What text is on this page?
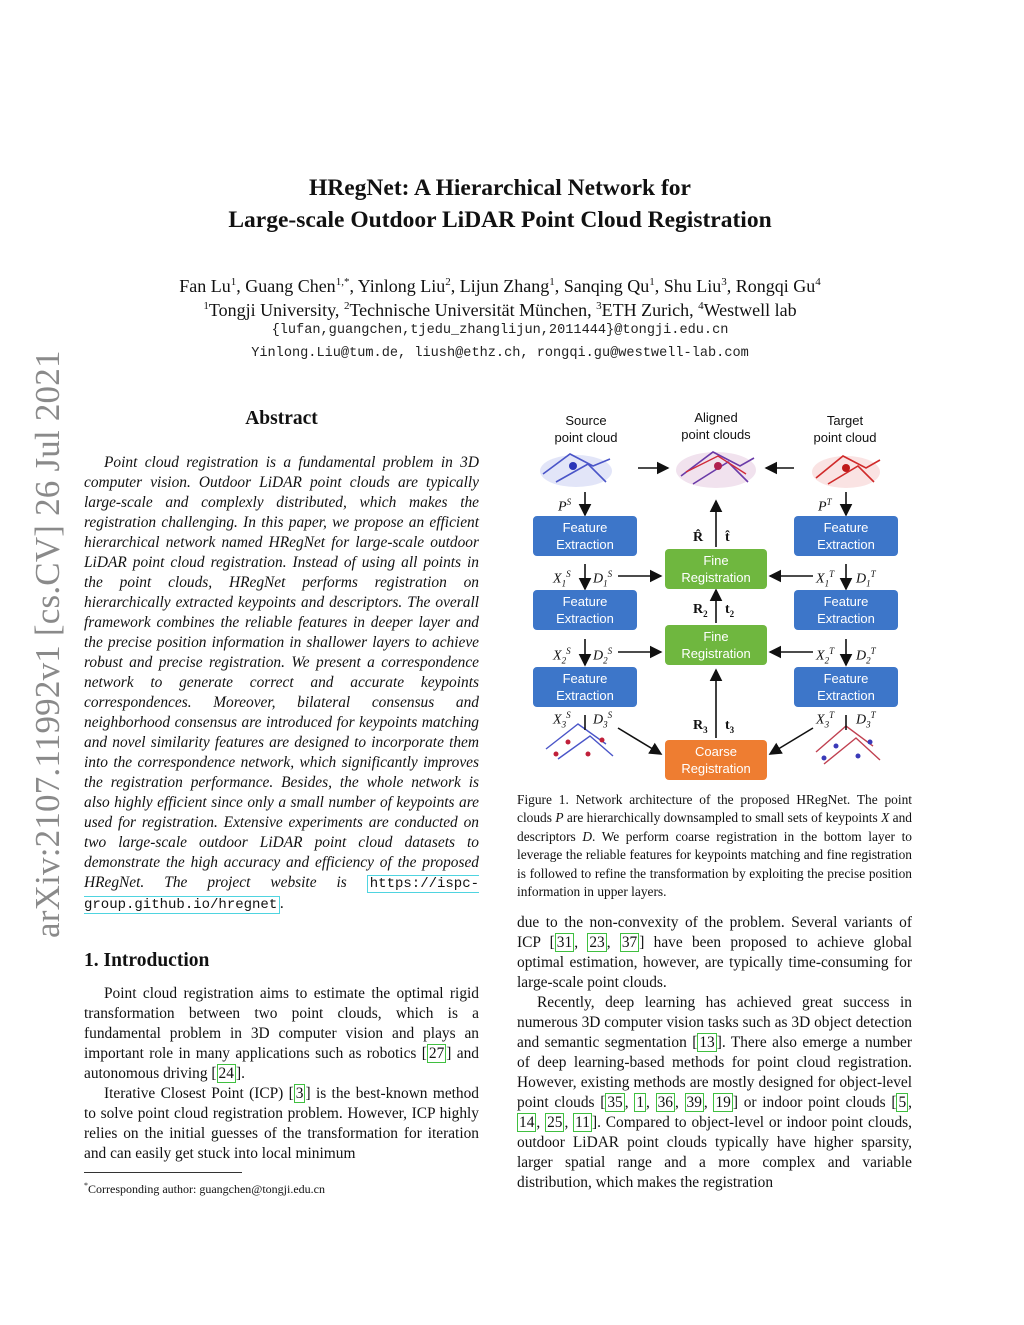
HRegNet: A Hierarchical Network for
Large-scale Outdoor LiDAR Point Cloud Registration
Fan Lu$^1$, Guang Chen$^{1,*}$, Yinlong Liu$^2$, Lijun Zhang$^1$, Sanqing Qu$^1$, Shu Liu$^3$, Rongqi Gu$^4$
$^1$Tongji University, $^2$Technische Universität München, $^3$ETH Zurich, $^4$Westwell lab
{lufan,guangchen,tjedu_zhanglijun,2011444}@tongji.edu.cn
Yinlong.Liu@tum.de, liush@ethz.ch, rongqi.gu@westwell-lab.com
arXiv:2107.11992v1 [cs.CV] 26 Jul 2021	Abstract

Point cloud registration is a fundamental problem in 3D computer vision. Outdoor LiDAR point clouds are typically large-scale and complexly distributed, which makes the registration challenging. In this paper, we propose an efficient hierarchical network named HRegNet for large-scale outdoor LiDAR point cloud registration. Instead of using all points in the point clouds, HRegNet performs registration on hierarchically extracted keypoints and descriptors. The overall framework combines the reliable features in deeper layer and the precise position information in shallower layers to achieve robust and precise registration. We present a correspondence network to generate correct and accurate keypoints correspondences. Moreover, bilateral consensus and neighborhood consensus are introduced for keypoints matching and novel similarity features are designed to incorporate them into the correspondence network, which significantly improves the registration performance. Besides, the whole network is also highly efficient since only a small number of keypoints are used for registration. Extensive experiments are conducted on two large-scale outdoor LiDAR point cloud datasets to demonstrate the high accuracy and efficiency of the proposed HRegNet. The project website is https://ispc-group.github.io/hregnet .

1. Introduction

Point cloud registration aims to estimate the optimal rigid transformation between two point clouds, which is a fundamental problem in 3D computer vision and plays an important role in many applications such as robotics [ 27 ] and autonomous driving [ 24 ].

Iterative Closest Point (ICP) [ 3 ] is the best-known method to solve point cloud registration problem. However, ICP highly relies on the initial guesses of the transformation for iteration and can easily get stuck into local minimum

*Corresponding author: guangchen@tongji.edu.cn
Source
point cloud
Aligned
point clouds
Target
point cloud
$P^S$	$P^T$
Feature
Extraction
Feature
Extraction
Feature
Extraction
Feature
Extraction
Feature
Extraction
Feature
Extraction
Fine
Registration
Fine
Registration
Coarse
Registration
$X_1^S$ $D_1^S$
$X_2^S$ $D_2^S$
$X_3^S$ $D_3^S$
$X_1^T$ $D_1^T$
$X_2^T$ $D_2^T$
$X_3^T$ $D_3^T$
R̂ t̂
$R_2$ $t_2$
$R_3$ $t_3$

Figure 1. Network architecture of the proposed HRegNet. The point clouds P are hierarchically downsampled to small sets of keypoints X and descriptors D. We perform coarse registration in the bottom layer to leverage the reliable features for keypoints matching and fine registration is followed to refine the transformation by exploiting the precise position information in upper layers.

due to the non-convexity of the problem. Several variants of ICP [ 31 , 23 , 37 ] have been proposed to achieve global optimal estimation, however, are typically time-consuming for large-scale point clouds.

Recently, deep learning has achieved great success in numerous 3D computer vision tasks such as 3D object detection and semantic segmentation [ 13 ]. There also emerge a number of deep learning-based methods for point cloud registration. However, existing methods are mostly designed for object-level point clouds [ 35 , 1 , 36 , 39 , 19 ] or indoor point clouds [ 5 , 14 , 25 , 11 ]. Compared to object-level or indoor point clouds, outdoor LiDAR point clouds typically have higher sparsity, larger spatial range and a more complex and variable distribution, which makes the registration
